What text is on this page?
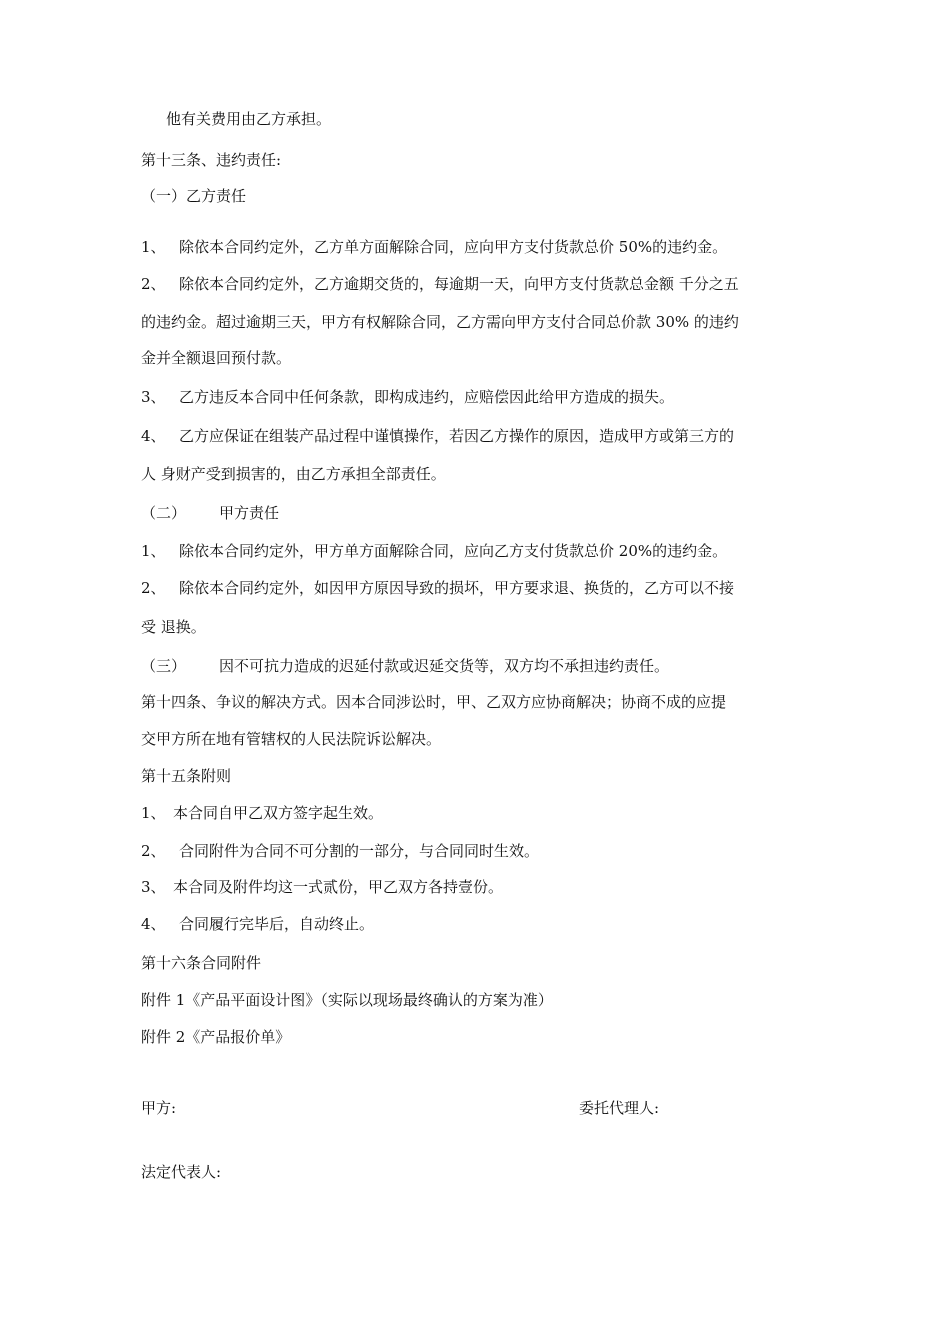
他有关费用由乙方承担。
第十三条、违约责任:
（一）乙方责任
1、 除依本合同约定外，乙方单方面解除合同，应向甲方支付货款总价 50%的违约金。
2、 除依本合同约定外，乙方逾期交货的，每逾期一天，向甲方支付货款总金额 千分之五
的违约金。超过逾期三天，甲方有权解除合同，乙方需向甲方支付合同总价款 30% 的违约
金并全额退回预付款。
3、 乙方违反本合同中任何条款，即构成违约，应赔偿因此给甲方造成的损失。
4、 乙方应保证在组装产品过程中谨慎操作，若因乙方操作的原因，造成甲方或第三方的
人 身财产受到损害的，由乙方承担全部责任。
（二） 甲方责任
1、 除依本合同约定外，甲方单方面解除合同，应向乙方支付货款总价 20%的违约金。
2、 除依本合同约定外，如因甲方原因导致的损坏，甲方要求退、换货的，乙方可以不接
受 退换。
（三） 因不可抗力造成的迟延付款或迟延交货等，双方均不承担违约责任。
第十四条、争议的解决方式。因本合同涉讼时，甲、乙双方应协商解决；协商不成的应提
交甲方所在地有管辖权的人民法院诉讼解决。
第十五条附则
1、 本合同自甲乙双方签字起生效。
2、 合同附件为合同不可分割的一部分，与合同同时生效。
3、 本合同及附件均这一式贰份，甲乙双方各持壹份。
4、 合同履行完毕后，自动终止。
第十六条合同附件
附件 1《产品平面设计图》（实际以现场最终确认的方案为准）
附件 2《产品报价单》
甲方:	委托代理人:
法定代表人:
